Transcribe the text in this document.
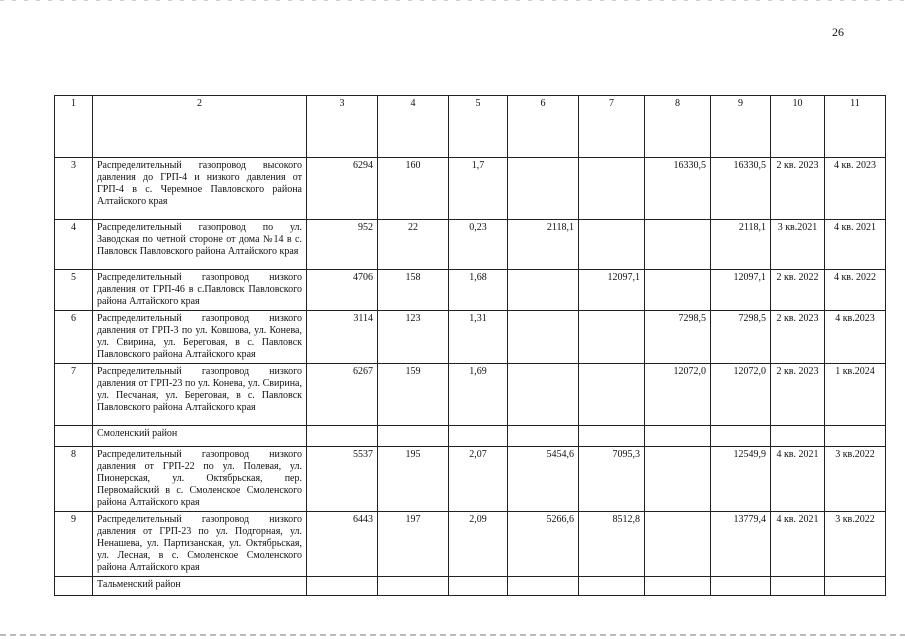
26
1	2	3	4	5	6	7	8	9	10	11
3	Распределительный газопровод высокого давления до ГРП-4 и низкого давления от ГРП-4 в с. Черемное Павловского района Алтайского края	6294	160	1,7			16330,5	16330,5	2 кв. 2023	4 кв. 2023
4	Распределительный газопровод по ул. Заводская по четной стороне от дома №14 в с. Павловск Павловского района Алтайского края	952	22	0,23	2118,1			2118,1	3 кв.2021	4 кв. 2021
5	Распределительный газопровод низкого давления от ГРП-46 в с.Павловск Павловского района Алтайского края	4706	158	1,68		12097,1		12097,1	2 кв. 2022	4 кв. 2022
6	Распределительный газопровод низкого давления от ГРП-3 по ул. Ковшова, ул. Конева, ул. Свирина, ул. Береговая, в с. Павловск Павловского района Алтайского края	3114	123	1,31			7298,5	7298,5	2 кв. 2023	4 кв.2023
7	Распределительный газопровод низкого давления от ГРП-23 по ул. Конева, ул. Свирина, ул. Песчаная, ул. Береговая, в с. Павловск Павловского района Алтайского края	6267	159	1,69			12072,0	12072,0	2 кв. 2023	1 кв.2024
	Смоленский район									
8	Распределительный газопровод низкого давления от ГРП-22 по ул. Полевая, ул. Пионерская, ул. Октябрьская, пер. Первомайский в с. Смоленское Смоленского района Алтайского края	5537	195	2,07	5454,6	7095,3		12549,9	4 кв. 2021	3 кв.2022
9	Распределительный газопровод низкого давления от ГРП-23 по ул. Подгорная, ул. Ненашева, ул. Партизанская, ул. Октябрьская, ул. Лесная, в с. Смоленское Смоленского района Алтайского края	6443	197	2,09	5266,6	8512,8		13779,4	4 кв. 2021	3 кв.2022
	Тальменский район									
